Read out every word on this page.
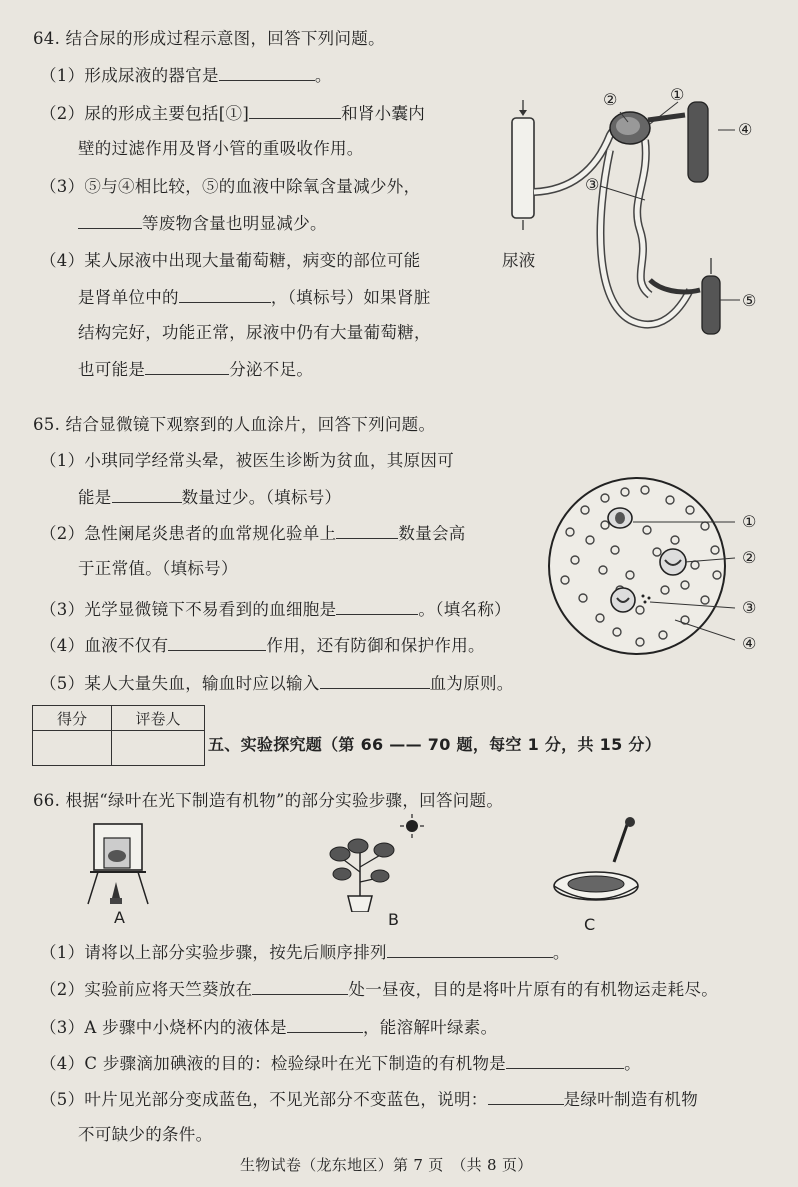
64. 结合尿的形成过程示意图，回答下列问题。
（1）形成尿液的器官是	。
（2）尿的形成主要包括[①]	和肾小囊内
壁的过滤作用及肾小管的重吸收作用。
（3）⑤与④相比较，⑤的血液中除氧含量减少外，
等废物含量也明显减少。
（4）某人尿液中出现大量葡萄糖，病变的部位可能
是肾单位中的	，（填标号）如果肾脏
结构完好，功能正常，尿液中仍有大量葡萄糖，
也可能是	分泌不足。
②	①
④
③
⑤
尿液
65. 结合显微镜下观察到的人血涂片，回答下列问题。
（1）小琪同学经常头晕，被医生诊断为贫血，其原因可
能是	数量过少。（填标号）
（2）急性阑尾炎患者的血常规化验单上	数量会高
于正常值。（填标号）
（3）光学显微镜下不易看到的血细胞是	。（填名称）
（4）血液不仅有	作用，还有防御和保护作用。
（5）某人大量失血，输血时应以输入	血为原则。
①
②
③
④
得分	评卷人

五、实验探究题（第 66 —— 70 题，每空 1 分，共 15 分）
66. 根据“绿叶在光下制造有机物”的部分实验步骤，回答问题。
A	B	C
（1）请将以上部分实验步骤，按先后顺序排列	。
（2）实验前应将天竺葵放在	处一昼夜，目的是将叶片原有的有机物运走耗尽。
（3）A 步骤中小烧杯内的液体是	，能溶解叶绿素。
（4）C 步骤滴加碘液的目的：检验绿叶在光下制造的有机物是	。
（5）叶片见光部分变成蓝色，不见光部分不变蓝色，说明：	是绿叶制造有机物
不可缺少的条件。
生物试卷（龙东地区）第 7 页　（共 8 页）
